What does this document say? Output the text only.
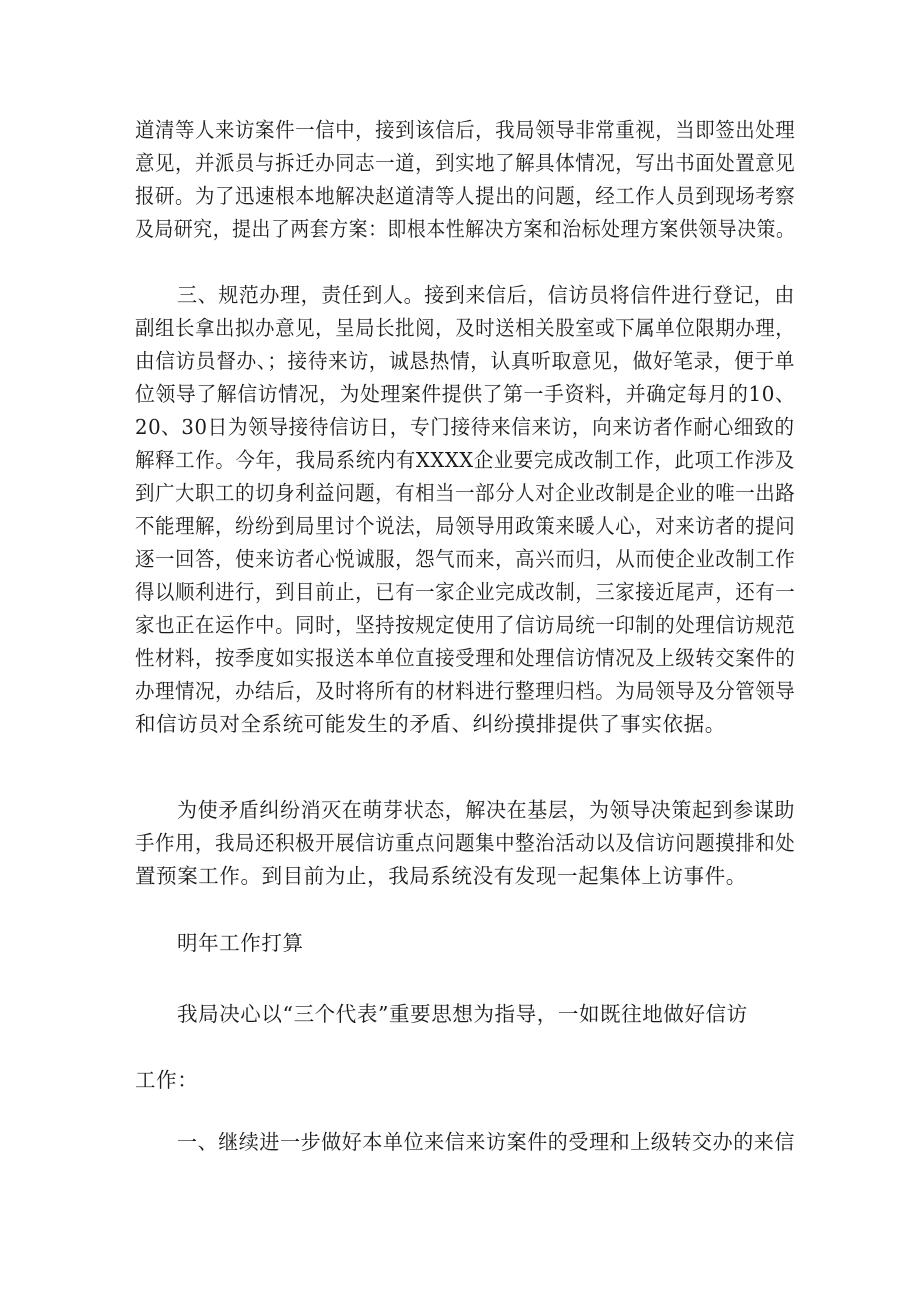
道清等人来访案件一信中，接到该信后，我局领导非常重视，当即签出处理
意见，并派员与拆迁办同志一道，到实地了解具体情况，写出书面处置意见
报研。为了迅速根本地解决赵道清等人提出的问题，经工作人员到现场考察
及局研究，提出了两套方案：即根本性解决方案和治标处理方案供领导决策。
三、规范办理，责任到人。接到来信后，信访员将信件进行登记，由
副组长拿出拟办意见，呈局长批阅，及时送相关股室或下属单位限期办理，
由信访员督办、；接待来访，诚恳热情，认真听取意见，做好笔录，便于单
位领导了解信访情况，为处理案件提供了第一手资料，并确定每月的10、
20、30日为领导接待信访日，专门接待来信来访，向来访者作耐心细致的
解释工作。今年，我局系统内有XXXX企业要完成改制工作，此项工作涉及
到广大职工的切身利益问题，有相当一部分人对企业改制是企业的唯一出路
不能理解，纷纷到局里讨个说法，局领导用政策来暖人心，对来访者的提问
逐一回答，使来访者心悦诚服，怨气而来，高兴而归，从而使企业改制工作
得以顺利进行，到目前止，已有一家企业完成改制，三家接近尾声，还有一
家也正在运作中。同时，坚持按规定使用了信访局统一印制的处理信访规范
性材料，按季度如实报送本单位直接受理和处理信访情况及上级转交案件的
办理情况，办结后，及时将所有的材料进行整理归档。为局领导及分管领导
和信访员对全系统可能发生的矛盾、纠纷摸排提供了事实依据。
为使矛盾纠纷消灭在萌芽状态，解决在基层，为领导决策起到参谋助
手作用，我局还积极开展信访重点问题集中整治活动以及信访问题摸排和处
置预案工作。到目前为止，我局系统没有发现一起集体上访事件。
明年工作打算
我局决心以“三个代表”重要思想为指导，一如既往地做好信访
工作：
一、继续进一步做好本单位来信来访案件的受理和上级转交办的来信
